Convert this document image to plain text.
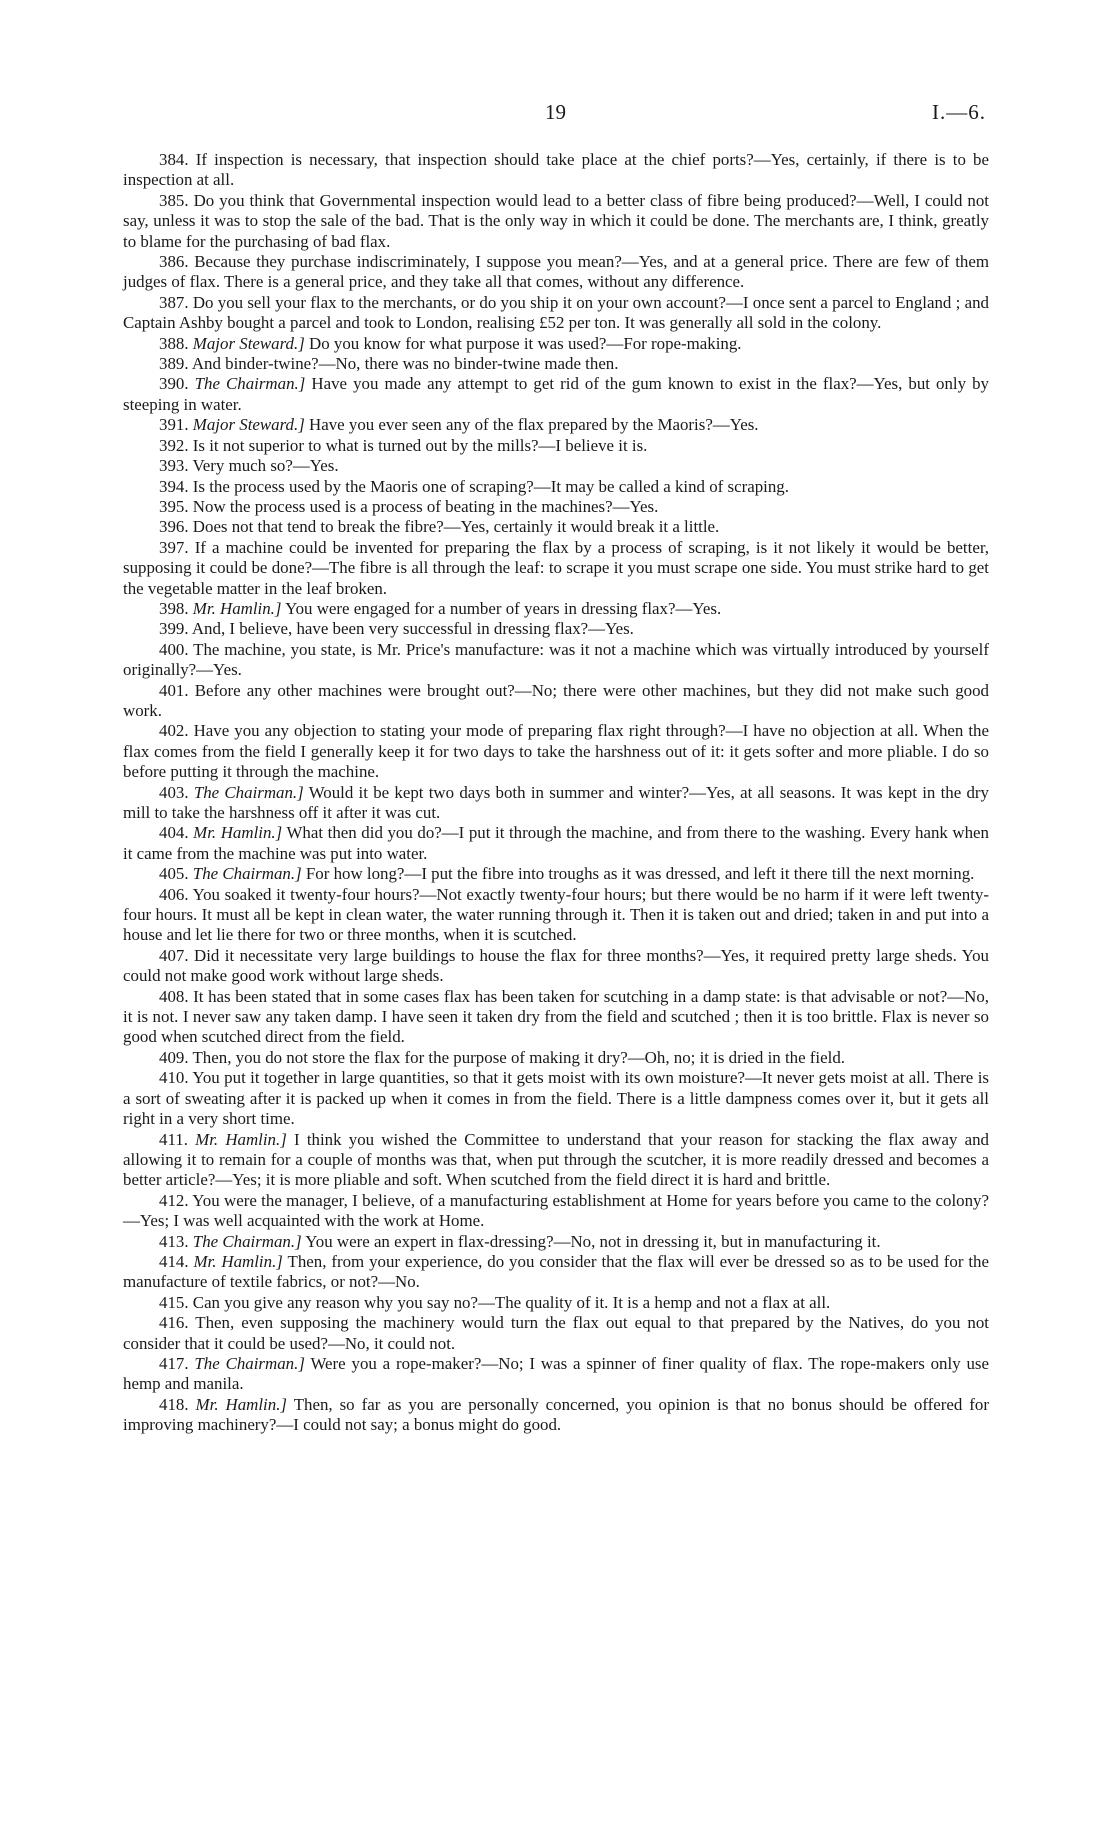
19	I.—6.

384. If inspection is necessary, that inspection should take place at the chief ports?—Yes, certainly, if there is to be inspection at all.

385. Do you think that Governmental inspection would lead to a better class of fibre being produced?—Well, I could not say, unless it was to stop the sale of the bad. That is the only way in which it could be done. The merchants are, I think, greatly to blame for the purchasing of bad flax.

386. Because they purchase indiscriminately, I suppose you mean?—Yes, and at a general price. There are few of them judges of flax. There is a general price, and they take all that comes, without any difference.

387. Do you sell your flax to the merchants, or do you ship it on your own account?—I once sent a parcel to England ; and Captain Ashby bought a parcel and took to London, realising £52 per ton. It was generally all sold in the colony.

388. Major Steward.] Do you know for what purpose it was used?—For rope-making.

389. And binder-twine?—No, there was no binder-twine made then.

390. The Chairman.] Have you made any attempt to get rid of the gum known to exist in the flax?—Yes, but only by steeping in water.

391. Major Steward.] Have you ever seen any of the flax prepared by the Maoris?—Yes.

392. Is it not superior to what is turned out by the mills?—I believe it is.

393. Very much so?—Yes.

394. Is the process used by the Maoris one of scraping?—It may be called a kind of scraping.

395. Now the process used is a process of beating in the machines?—Yes.

396. Does not that tend to break the fibre?—Yes, certainly it would break it a little.

397. If a machine could be invented for preparing the flax by a process of scraping, is it not likely it would be better, supposing it could be done?—The fibre is all through the leaf: to scrape it you must scrape one side. You must strike hard to get the vegetable matter in the leaf broken.

398. Mr. Hamlin.] You were engaged for a number of years in dressing flax?—Yes.

399. And, I believe, have been very successful in dressing flax?—Yes.

400. The machine, you state, is Mr. Price's manufacture: was it not a machine which was virtually introduced by yourself originally?—Yes.

401. Before any other machines were brought out?—No; there were other machines, but they did not make such good work.

402. Have you any objection to stating your mode of preparing flax right through?—I have no objection at all. When the flax comes from the field I generally keep it for two days to take the harshness out of it: it gets softer and more pliable. I do so before putting it through the machine.

403. The Chairman.] Would it be kept two days both in summer and winter?—Yes, at all seasons. It was kept in the dry mill to take the harshness off it after it was cut.

404. Mr. Hamlin.] What then did you do?—I put it through the machine, and from there to the washing. Every hank when it came from the machine was put into water.

405. The Chairman.] For how long?—I put the fibre into troughs as it was dressed, and left it there till the next morning.

406. You soaked it twenty-four hours?—Not exactly twenty-four hours; but there would be no harm if it were left twenty-four hours. It must all be kept in clean water, the water running through it. Then it is taken out and dried; taken in and put into a house and let lie there for two or three months, when it is scutched.

407. Did it necessitate very large buildings to house the flax for three months?—Yes, it required pretty large sheds. You could not make good work without large sheds.

408. It has been stated that in some cases flax has been taken for scutching in a damp state: is that advisable or not?—No, it is not. I never saw any taken damp. I have seen it taken dry from the field and scutched ; then it is too brittle. Flax is never so good when scutched direct from the field.

409. Then, you do not store the flax for the purpose of making it dry?—Oh, no; it is dried in the field.

410. You put it together in large quantities, so that it gets moist with its own moisture?—It never gets moist at all. There is a sort of sweating after it is packed up when it comes in from the field. There is a little dampness comes over it, but it gets all right in a very short time.

411. Mr. Hamlin.] I think you wished the Committee to understand that your reason for stacking the flax away and allowing it to remain for a couple of months was that, when put through the scutcher, it is more readily dressed and becomes a better article?—Yes; it is more pliable and soft. When scutched from the field direct it is hard and brittle.

412. You were the manager, I believe, of a manufacturing establishment at Home for years before you came to the colony?—Yes; I was well acquainted with the work at Home.

413. The Chairman.] You were an expert in flax-dressing?—No, not in dressing it, but in manufacturing it.

414. Mr. Hamlin.] Then, from your experience, do you consider that the flax will ever be dressed so as to be used for the manufacture of textile fabrics, or not?—No.

415. Can you give any reason why you say no?—The quality of it. It is a hemp and not a flax at all.

416. Then, even supposing the machinery would turn the flax out equal to that prepared by the Natives, do you not consider that it could be used?—No, it could not.

417. The Chairman.] Were you a rope-maker?—No; I was a spinner of finer quality of flax. The rope-makers only use hemp and manila.

418. Mr. Hamlin.] Then, so far as you are personally concerned, you opinion is that no bonus should be offered for improving machinery?—I could not say; a bonus might do good.
